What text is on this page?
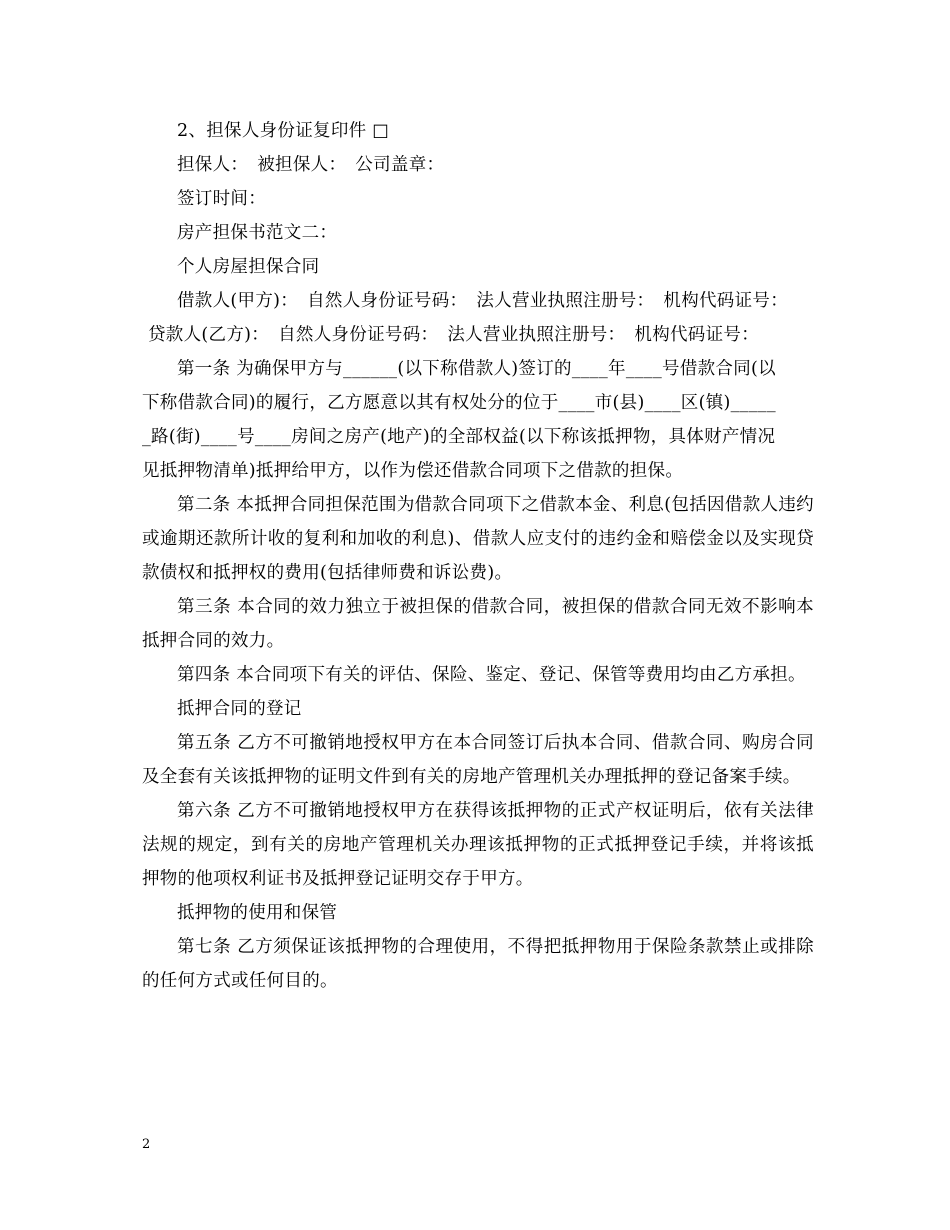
2、担保人身份证复印件 □
担保人：　被担保人：　公司盖章：
签订时间：
房产担保书范文二：
个人房屋担保合同
借款人(甲方)：　自然人身份证号码：　法人营业执照注册号：　机构代码证号：
贷款人(乙方)：　自然人身份证号码：　法人营业执照注册号：　机构代码证号：
第一条 为确保甲方与______(以下称借款人)签订的____年____号借款合同(以
下称借款合同)的履行，乙方愿意以其有权处分的位于____市(县)____区(镇)_____
_路(街)____号____房间之房产(地产)的全部权益(以下称该抵押物，具体财产情况
见抵押物清单)抵押给甲方，以作为偿还借款合同项下之借款的担保。

第二条 本抵押合同担保范围为借款合同项下之借款本金、利息(包括因借款人违约或逾期还款所计收的复利和加收的利息)、借款人应支付的违约金和赔偿金以及实现贷款债权和抵押权的费用(包括律师费和诉讼费)。

第三条 本合同的效力独立于被担保的借款合同，被担保的借款合同无效不影响本抵押合同的效力。

第四条 本合同项下有关的评估、保险、鉴定、登记、保管等费用均由乙方承担。

抵押合同的登记

第五条 乙方不可撤销地授权甲方在本合同签订后执本合同、借款合同、购房合同及全套有关该抵押物的证明文件到有关的房地产管理机关办理抵押的登记备案手续。

第六条 乙方不可撤销地授权甲方在获得该抵押物的正式产权证明后，依有关法律法规的规定，到有关的房地产管理机关办理该抵押物的正式抵押登记手续，并将该抵押物的他项权利证书及抵押登记证明交存于甲方。

抵押物的使用和保管

第七条 乙方须保证该抵押物的合理使用，不得把抵押物用于保险条款禁止或排除的任何方式或任何目的。

2
